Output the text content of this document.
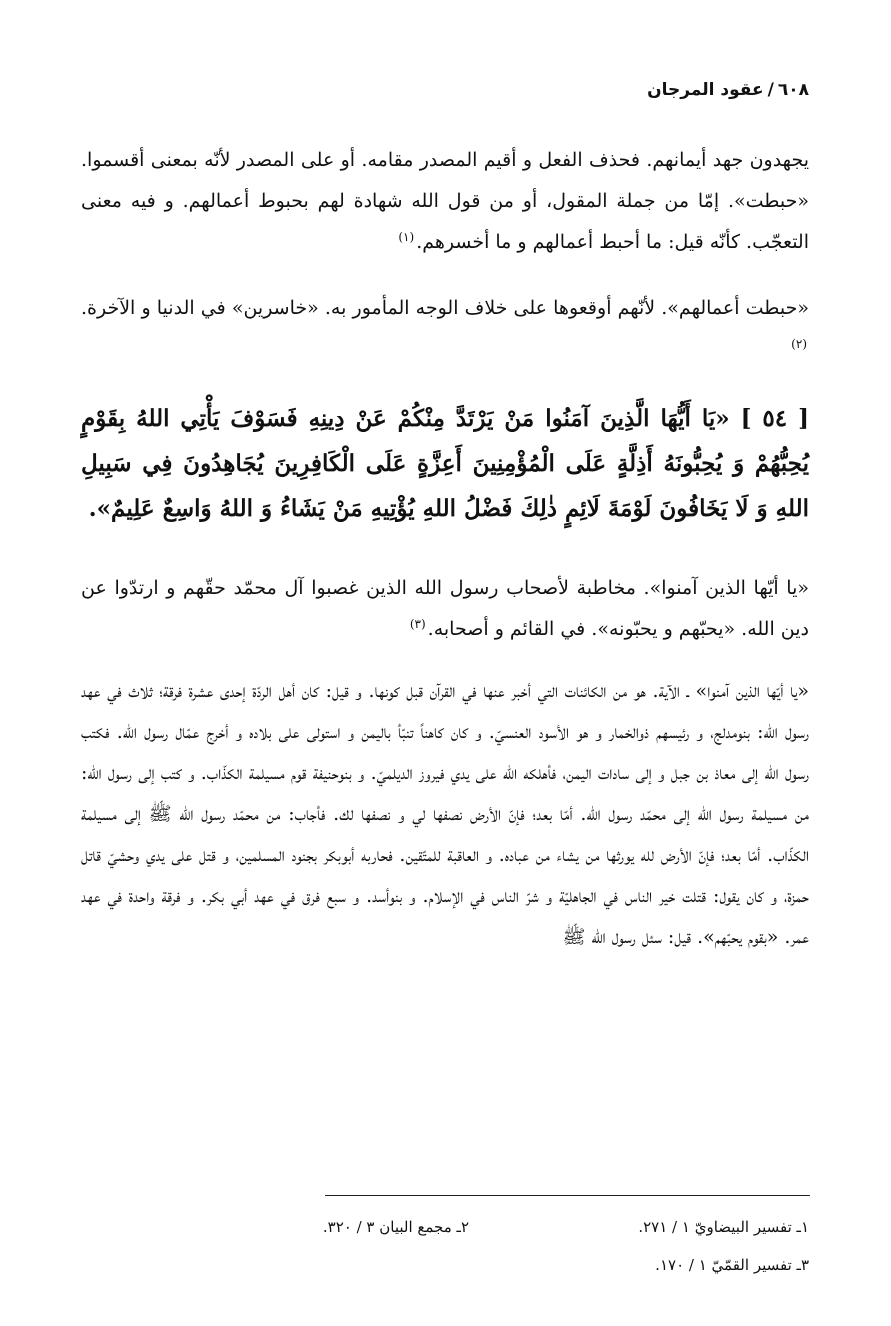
٦٠٨/عقود المرجان

يجهدون جهد أيمانهم. فحذف الفعل و أقيم المصدر مقامه. أو على المصدر لأنّه بمعنى أقسموا. «حبطت». إمّا من جملة المقول، أو من قول الله شهادة لهم بحبوط أعمالهم. و فيه معنى التعجّب. كأنّه قيل: ما أحبط أعمالهم و ما أخسرهم.$^{(١)}$

«حبطت أعمالهم». لأنّهم أوقعوها على خلاف الوجه المأمور به. «خاسرين» في الدنيا و الآخرة.$^{(٢)}$

[ ٥٤ ] «يَا أَيُّهَا الَّذِينَ آمَنُوا مَنْ يَرْتَدَّ مِنْكُمْ عَنْ دِينِهِ فَسَوْفَ يَأْتِي اللهُ بِقَوْمٍ يُحِبُّهُمْ وَ يُحِبُّونَهُ أَذِلَّةٍ عَلَى الْمُؤْمِنِينَ أَعِزَّةٍ عَلَى الْكَافِرِينَ يُجَاهِدُونَ فِي سَبِيلِ اللهِ وَ لَا يَخَافُونَ لَوْمَةَ لَائِمٍ ذٰلِكَ فَضْلُ اللهِ يُؤْتِيهِ مَنْ يَشَاءُ وَ اللهُ وَاسِعٌ عَلِيمٌ».

«يا أيّها الذين آمنوا». مخاطبة لأصحاب رسول الله الذين غصبوا آل محمّد حقّهم و ارتدّوا عن دين الله. «يحبّهم و يحبّونه». في القائم و أصحابه.$^{(٣)}$

«يا أيّها الذين آمنوا» ـ الآية. هو من الكائنات التي أخبر عنها في القرآن قبل كونها. و قيل: كان أهل الردّة إحدى عشرة فرقة؛ ثلاث في عهد رسول الله: بنومدلج، و رئيسهم ذوالخمار و هو الأسود العنسيّ. و كان كاهناً تنبّأ باليمن و استولى على بلاده و أخرج عمّال رسول الله. فكتب رسول الله إلى معاذ بن جبل و إلى سادات اليمن، فأهلكه الله على يدي فيروز الديلميّ. و بنوحنيفة قوم مسيلمة الكذّاب. و كتب إلى رسول الله: من مسيلمة رسول الله إلى محمّد رسول الله. أمّا بعد؛ فإنّ الأرض نصفها لي و نصفها لك. فأجاب: من محمّد رسول الله ﷺ إلى مسيلمة الكذّاب. أمّا بعد؛ فإنّ الأرض لله يورثها من يشاء من عباده. و العاقبة للمتّقين. فحاربه أبوبكر بجنود المسلمين، و قتل على يدي وحشيّ قاتل حمزة، و كان يقول: قتلت خير الناس في الجاهليّة و شرّ الناس في الإسلام. و بنوأسد. و سبع فرق في عهد أبي بكر. و فرقة واحدة في عهد عمر. «بقوم يحبّهم». قيل: سئل رسول الله ﷺ

١ـ تفسير البيضاويّ ١ / ٢٧١.
٢ـ مجمع البيان ٣ / ٣٢٠.
٣ـ تفسير القمّيّ ١ / ١٧٠.
